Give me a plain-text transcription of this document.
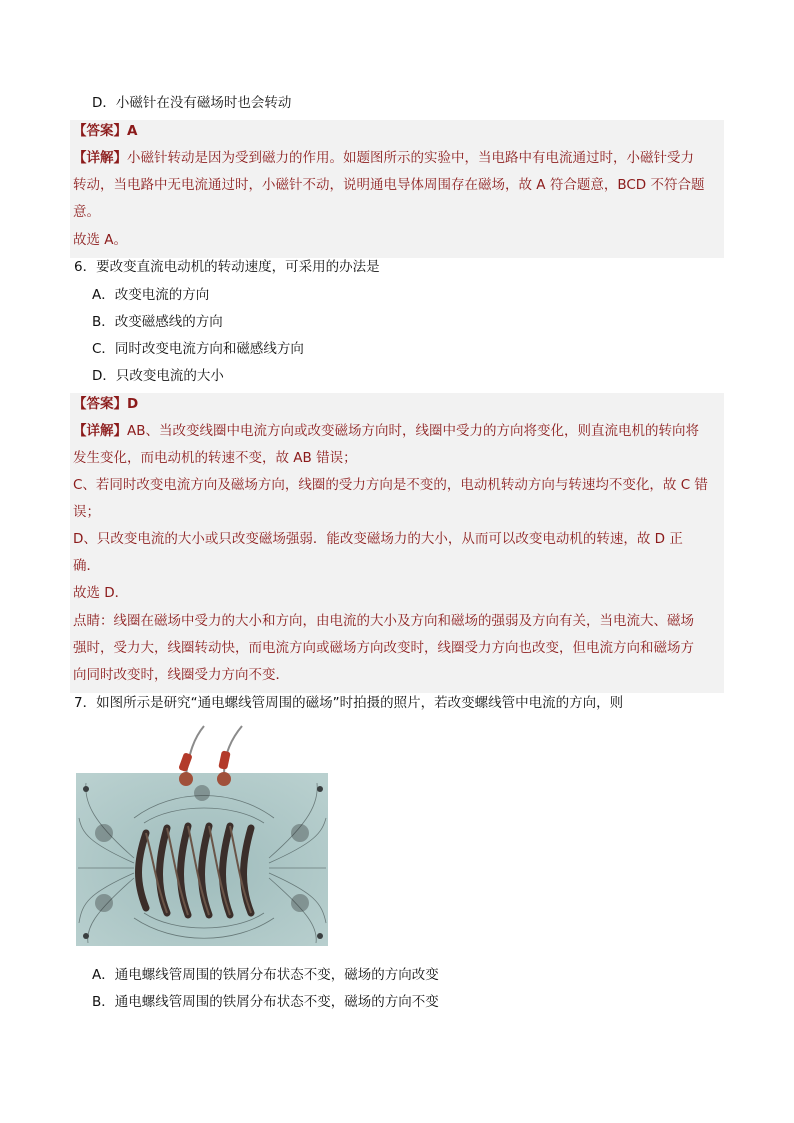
D．小磁针在没有磁场时也会转动
【答案】A
【详解】小磁针转动是因为受到磁力的作用。如题图所示的实验中，当电路中有电流通过时，小磁针受力
转动，当电路中无电流通过时，小磁针不动，说明通电导体周围存在磁场，故 A 符合题意，BCD 不符合题
意。
故选 A。
6．要改变直流电动机的转动速度，可采用的办法是
A．改变电流的方向
B．改变磁感线的方向
C．同时改变电流方向和磁感线方向
D．只改变电流的大小
【答案】D
【详解】AB、当改变线圈中电流方向或改变磁场方向时，线圈中受力的方向将变化，则直流电机的转向将
发生变化，而电动机的转速不变，故 AB 错误；
C、若同时改变电流方向及磁场方向，线圈的受力方向是不变的，电动机转动方向与转速均不变化，故 C 错
误；
D、只改变电流的大小或只改变磁场强弱．能改变磁场力的大小，从而可以改变电动机的转速，故 D 正
确．
故选 D．
点睛：线圈在磁场中受力的大小和方向，由电流的大小及方向和磁场的强弱及方向有关，当电流大、磁场
强时，受力大，线圈转动快，而电流方向或磁场方向改变时，线圈受力方向也改变，但电流方向和磁场方
向同时改变时，线圈受力方向不变．
7．如图所示是研究“通电螺线管周围的磁场”时拍摄的照片，若改变螺线管中电流的方向，则
A．通电螺线管周围的铁屑分布状态不变，磁场的方向改变
B．通电螺线管周围的铁屑分布状态不变，磁场的方向不变
